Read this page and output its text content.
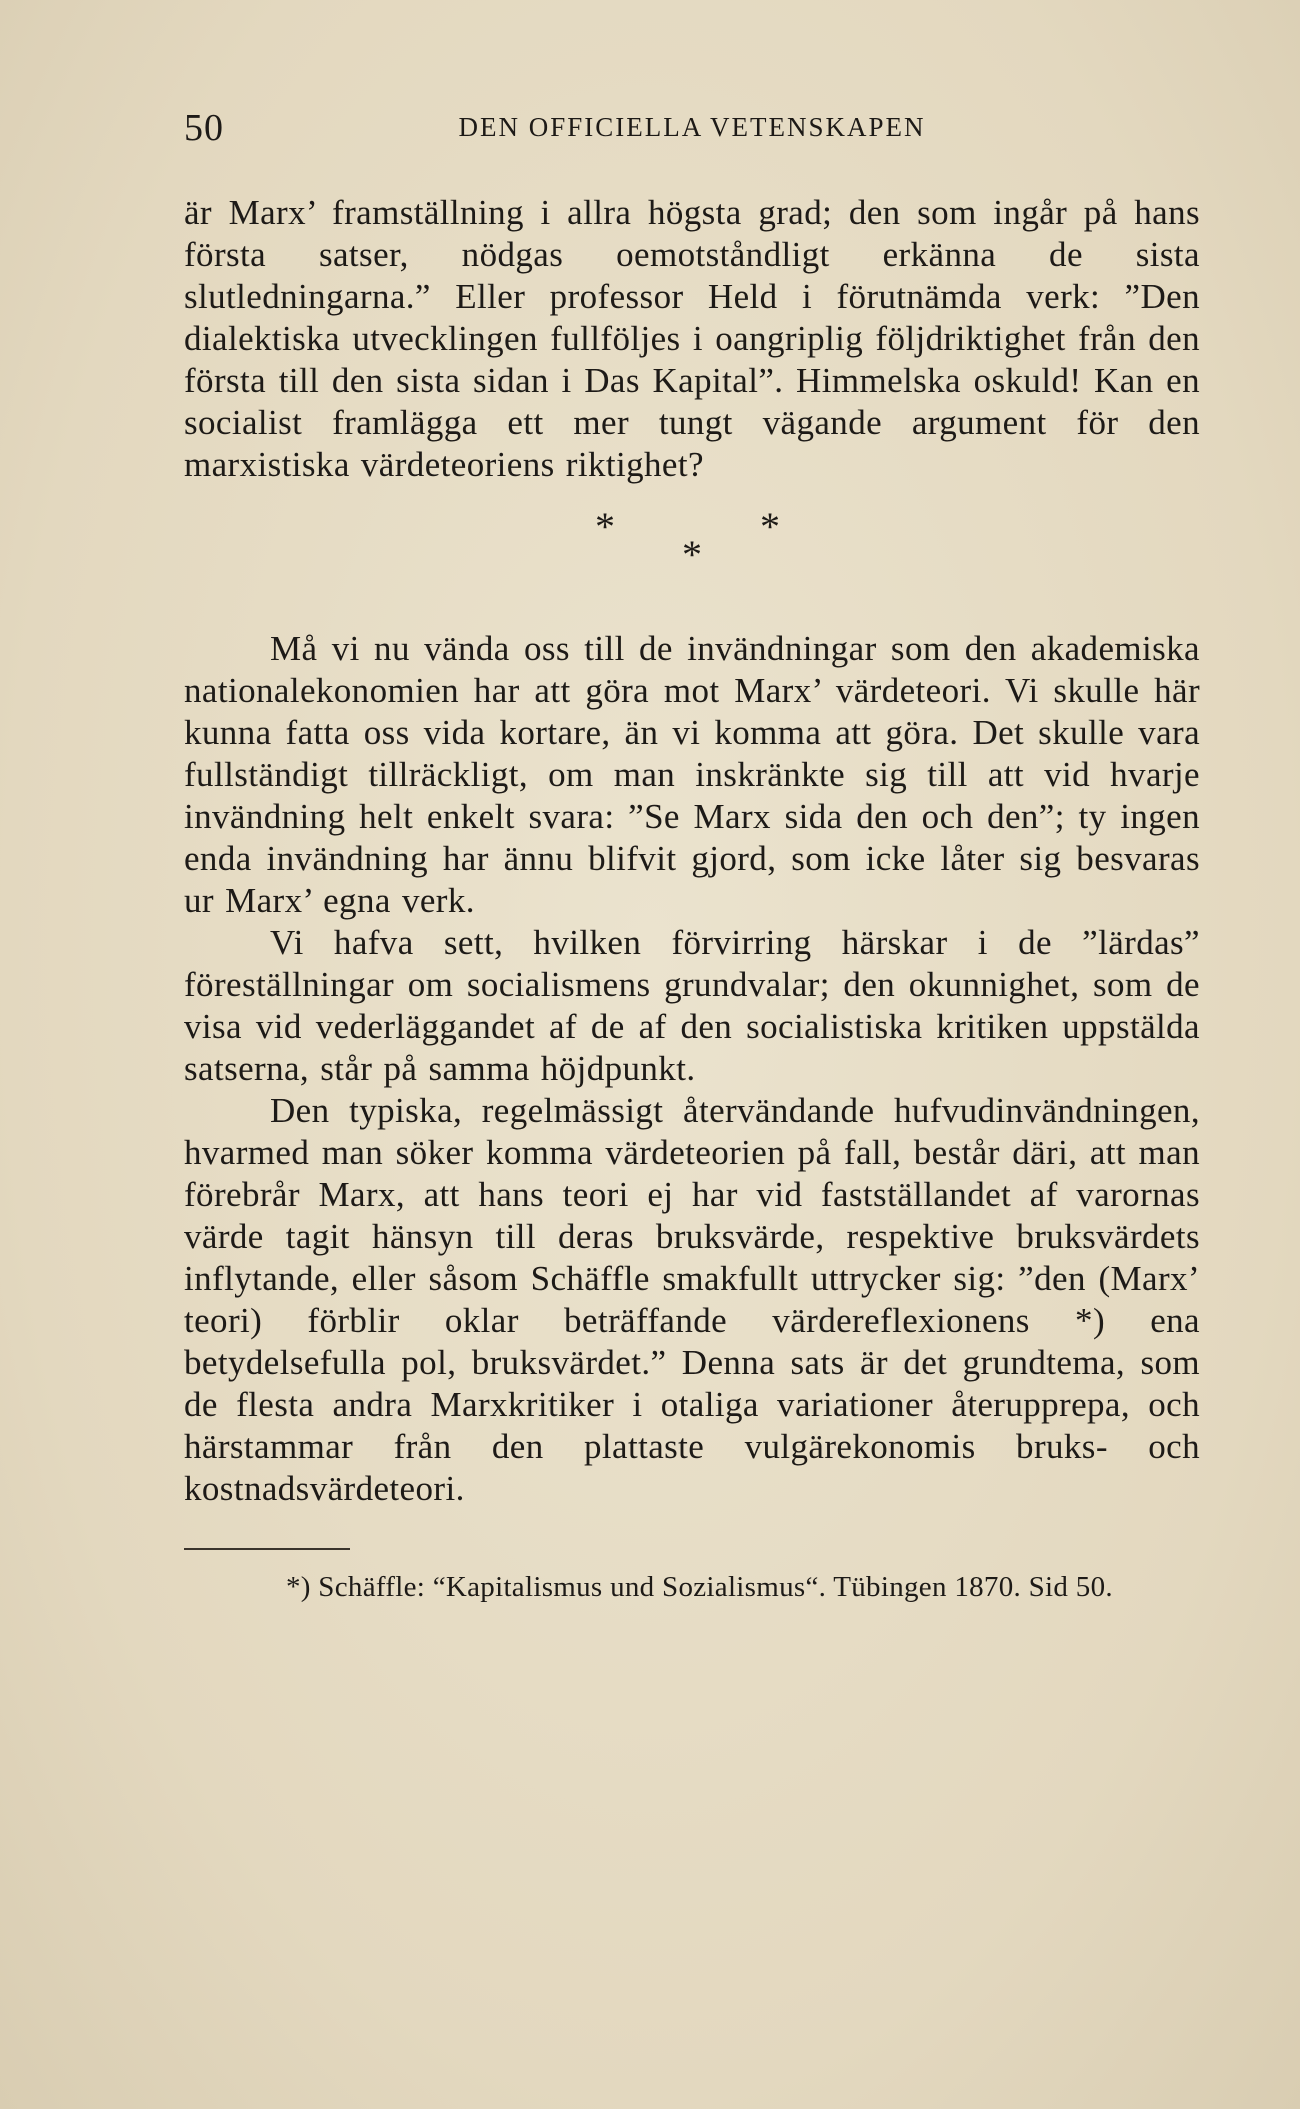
50	DEN OFFICIELLA VETENSKAPEN

är Marx’ framställning i allra högsta grad; den som ingår på hans första satser, nödgas oemotståndligt erkänna de sista slutledningarna.” Eller professor Held i förutnämda verk: ”Den dialektiska utvecklingen fullföljes i oangriplig följdriktighet från den första till den sista sidan i Das Kapital”. Himmelska oskuld! Kan en socialist framlägga ett mer tungt vägande argument för den marxistiska värdeteoriens riktighet?

*	*
*

Må vi nu vända oss till de invändningar som den akademiska nationalekonomien har att göra mot Marx’ värdeteori. Vi skulle här kunna fatta oss vida kortare, än vi komma att göra. Det skulle vara fullständigt tillräckligt, om man inskränkte sig till att vid hvarje invändning helt enkelt svara: ”Se Marx sida den och den”; ty ingen enda invändning har ännu blifvit gjord, som icke låter sig besvaras ur Marx’ egna verk.

Vi hafva sett, hvilken förvirring härskar i de ”lärdas” föreställningar om socialismens grundvalar; den okunnighet, som de visa vid vederläggandet af de af den socialistiska kritiken uppstälda satserna, står på samma höjdpunkt.

Den typiska, regelmässigt återvändande hufvudinvändningen, hvarmed man söker komma värdeteorien på fall, består däri, att man förebrår Marx, att hans teori ej har vid fastställandet af varornas värde tagit hänsyn till deras bruksvärde, respektive bruksvärdets inflytande, eller såsom Schäffle smakfullt uttrycker sig: ”den (Marx’ teori) förblir oklar beträffande värdereflexionens *) ena betydelsefulla pol, bruksvärdet.” Denna sats är det grundtema, som de flesta andra Marxkritiker i otaliga variationer återupprepa, och härstammar från den plattaste vulgärekonomis bruks- och kostnadsvärdeteori.

*) Schäffle: “Kapitalismus und Sozialismus“. Tübingen 1870. Sid 50.
